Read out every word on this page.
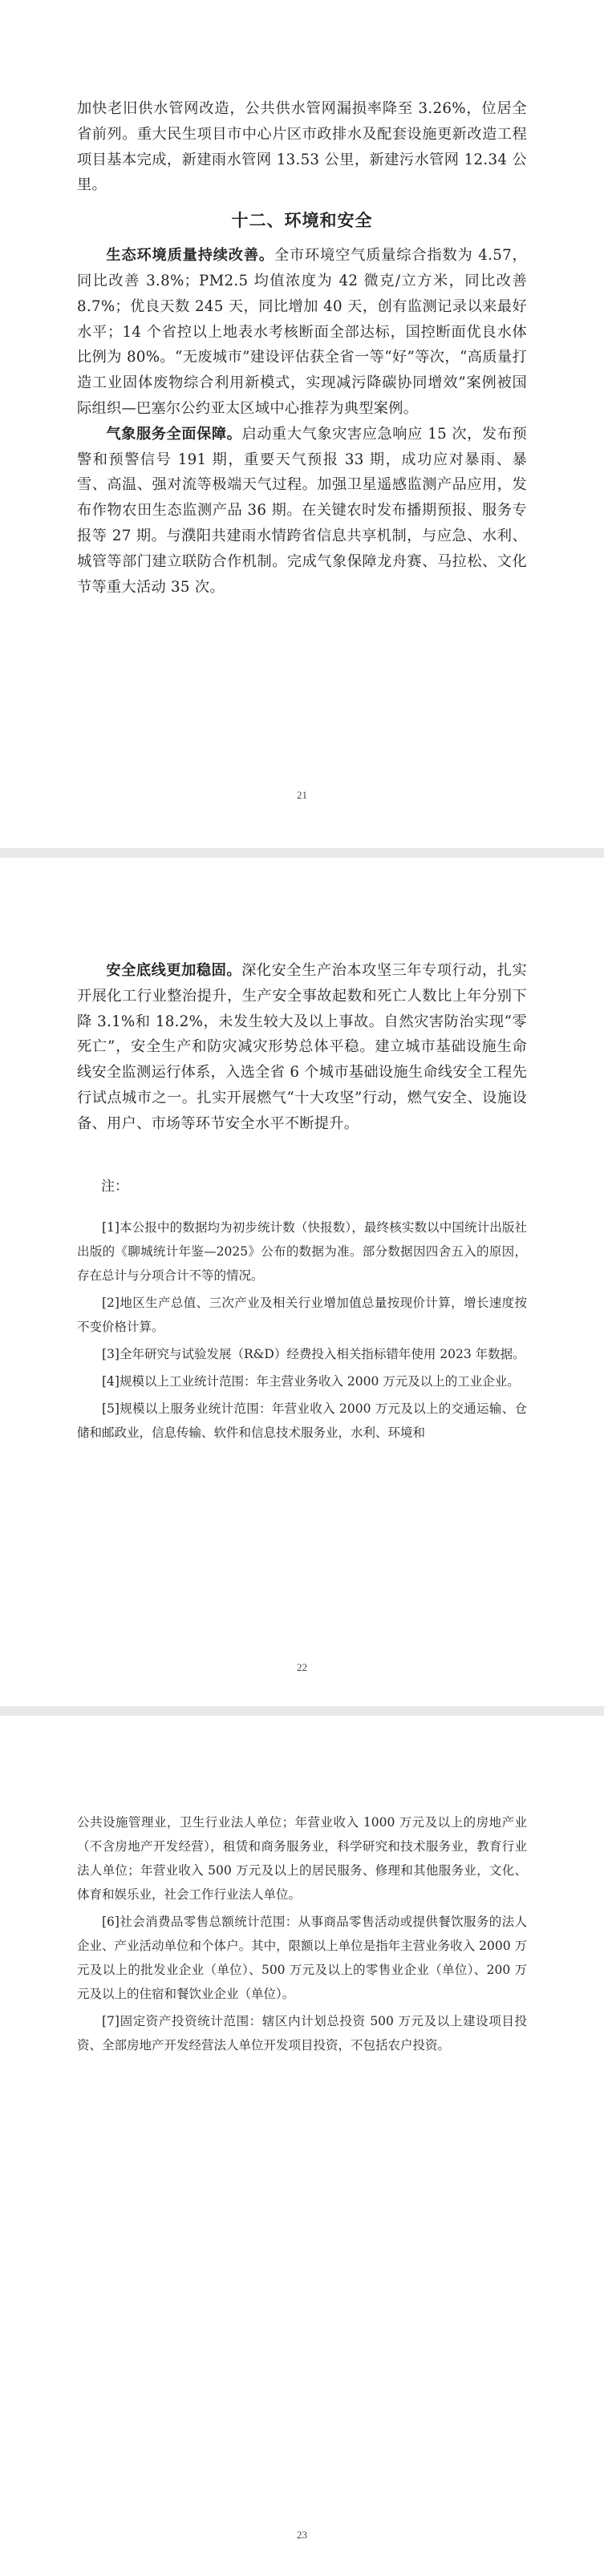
加快老旧供水管网改造，公共供水管网漏损率降至 3.26%，位居全省前列。重大民生项目市中心片区市政排水及配套设施更新改造工程项目基本完成，新建雨水管网 13.53 公里，新建污水管网 12.34 公里。

十二、环境和安全

生态环境质量持续改善。全市环境空气质量综合指数为 4.57，同比改善 3.8%；PM2.5 均值浓度为 42 微克/立方米，同比改善 8.7%；优良天数 245 天，同比增加 40 天，创有监测记录以来最好水平；14 个省控以上地表水考核断面全部达标，国控断面优良水体比例为 80%。“无废城市”建设评估获全省一等“好”等次，“高质量打造工业固体废物综合利用新模式，实现减污降碳协同增效”案例被国际组织—巴塞尔公约亚太区域中心推荐为典型案例。

气象服务全面保障。启动重大气象灾害应急响应 15 次，发布预警和预警信号 191 期，重要天气预报 33 期，成功应对暴雨、暴雪、高温、强对流等极端天气过程。加强卫星遥感监测产品应用，发布作物农田生态监测产品 36 期。在关键农时发布播期预报、服务专报等 27 期。与濮阳共建雨水情跨省信息共享机制，与应急、水利、城管等部门建立联防合作机制。完成气象保障龙舟赛、马拉松、文化节等重大活动 35 次。

21

安全底线更加稳固。深化安全生产治本攻坚三年专项行动，扎实开展化工行业整治提升，生产安全事故起数和死亡人数比上年分别下降 3.1%和 18.2%，未发生较大及以上事故。自然灾害防治实现“零死亡”，安全生产和防灾减灾形势总体平稳。建立城市基础设施生命线安全监测运行体系，入选全省 6 个城市基础设施生命线安全工程先行试点城市之一。扎实开展燃气“十大攻坚”行动，燃气安全、设施设备、用户、市场等环节安全水平不断提升。

注：

[1]本公报中的数据均为初步统计数（快报数），最终核实数以中国统计出版社出版的《聊城统计年鉴—2025》公布的数据为准。部分数据因四舍五入的原因，存在总计与分项合计不等的情况。

[2]地区生产总值、三次产业及相关行业增加值总量按现价计算，增长速度按不变价格计算。

[3]全年研究与试验发展（R&D）经费投入相关指标错年使用 2023 年数据。

[4]规模以上工业统计范围：年主营业务收入 2000 万元及以上的工业企业。

[5]规模以上服务业统计范围：年营业收入 2000 万元及以上的交通运输、仓储和邮政业，信息传输、软件和信息技术服务业，水利、环境和

22

公共设施管理业，卫生行业法人单位；年营业收入 1000 万元及以上的房地产业（不含房地产开发经营），租赁和商务服务业，科学研究和技术服务业，教育行业法人单位；年营业收入 500 万元及以上的居民服务、修理和其他服务业，文化、体育和娱乐业，社会工作行业法人单位。

[6]社会消费品零售总额统计范围：从事商品零售活动或提供餐饮服务的法人企业、产业活动单位和个体户。其中，限额以上单位是指年主营业务收入 2000 万元及以上的批发业企业（单位）、500 万元及以上的零售业企业（单位）、200 万元及以上的住宿和餐饮业企业（单位）。

[7]固定资产投资统计范围：辖区内计划总投资 500 万元及以上建设项目投资、全部房地产开发经营法人单位开发项目投资，不包括农户投资。

23
